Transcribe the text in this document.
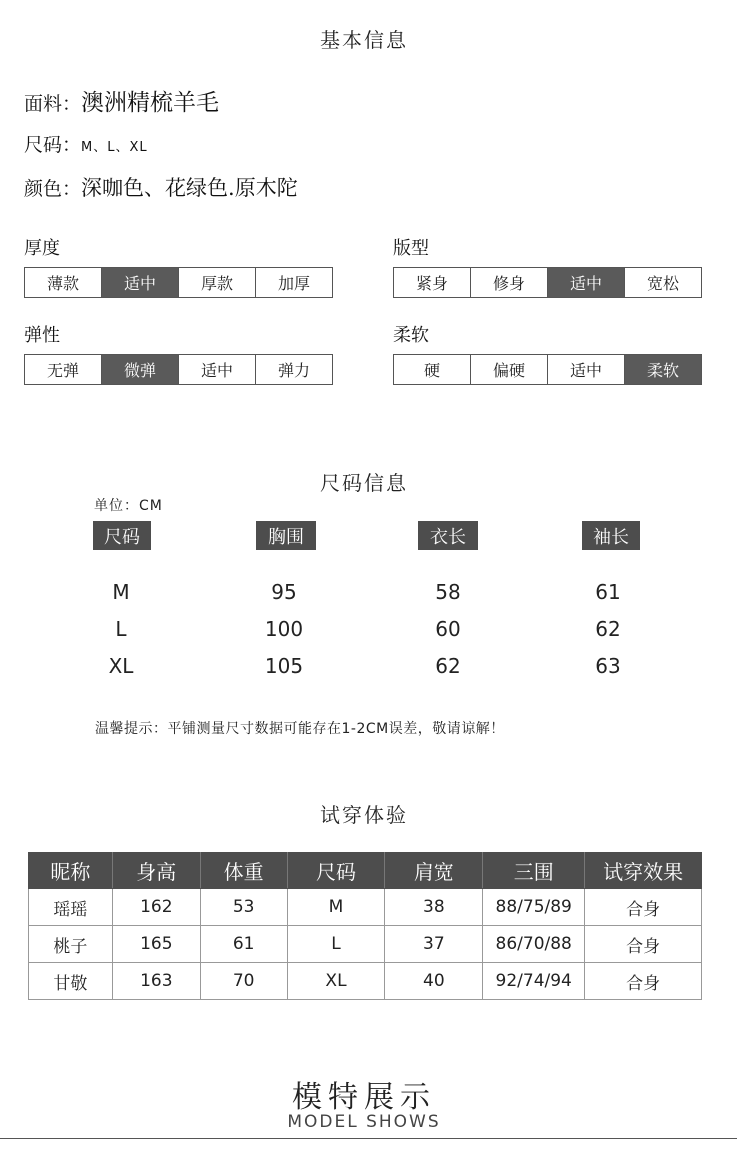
基本信息
面料：澳洲精梳羊毛
尺码：M、L、XL
颜色：深咖色、花绿色.原木陀
厚度
薄款	适中	厚款	加厚
版型
紧身	修身	适中	宽松
弹性
无弹	微弹	适中	弹力
柔软
硬	偏硬	适中	柔软
尺码信息
单位：CM
尺码	胸围	衣长	袖长
M	95	58	61
L	100	60	62
XL	105	62	63
温馨提示：平铺测量尺寸数据可能存在1-2CM误差，敬请谅解！
试穿体验
昵称	身高	体重	尺码	肩宽	三围	试穿效果
瑶瑶	162	53	M	38	88/75/89	合身
桃子	165	61	L	37	86/70/88	合身
甘敬	163	70	XL	40	92/74/94	合身
模特展示
MODEL SHOWS
